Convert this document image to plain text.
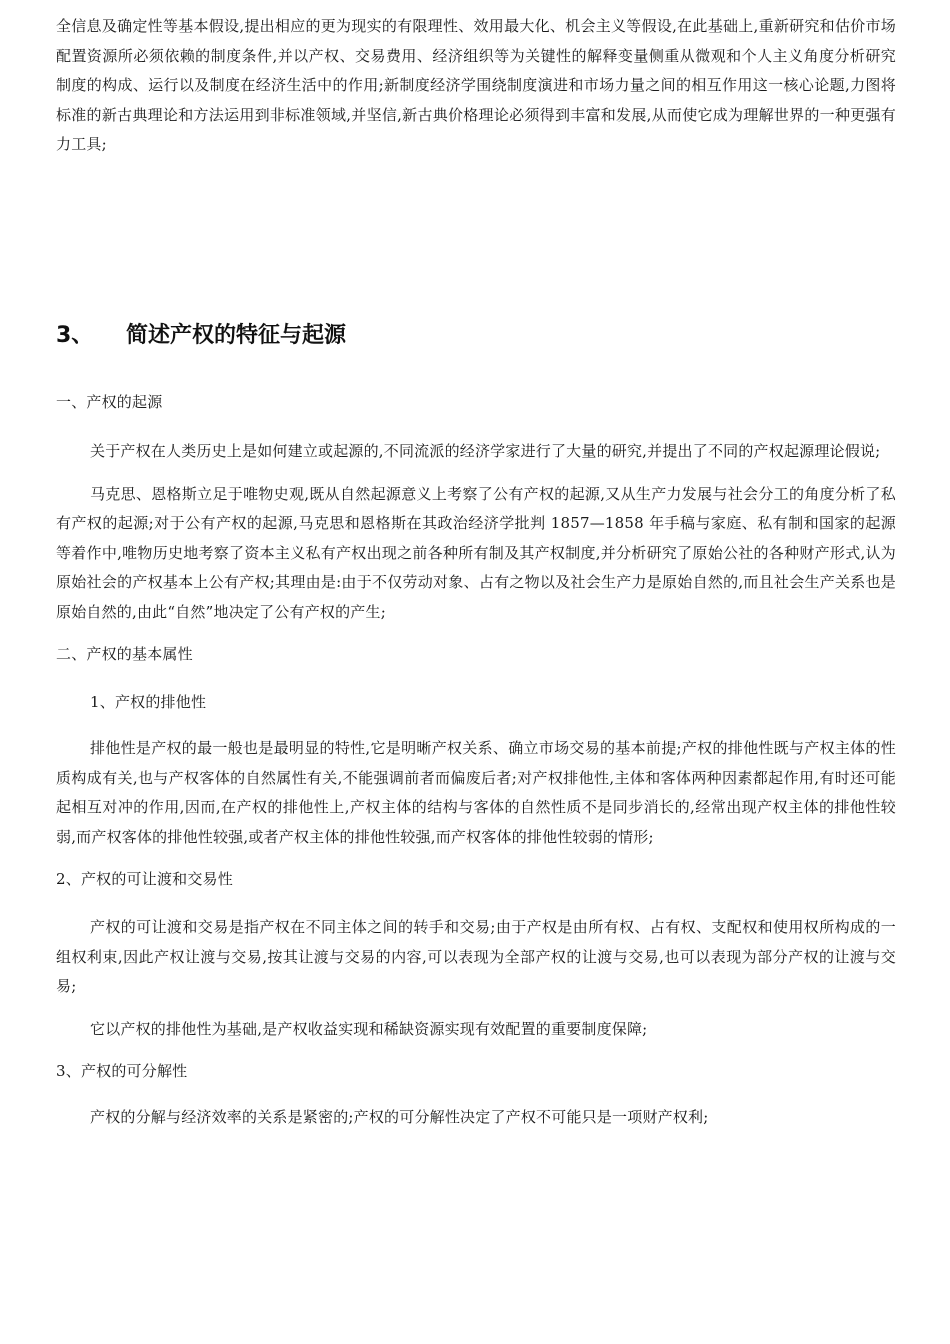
全信息及确定性等基本假设,提出相应的更为现实的有限理性、效用最大化、机会主义等假设,在此基础上,重新研究和估价市场配置资源所必须依赖的制度条件,并以产权、交易费用、经济组织等为关键性的解释变量侧重从微观和个人主义角度分析研究制度的构成、运行以及制度在经济生活中的作用;新制度经济学围绕制度演进和市场力量之间的相互作用这一核心论题,力图将标准的新古典理论和方法运用到非标准领域,并坚信,新古典价格理论必须得到丰富和发展,从而使它成为理解世界的一种更强有力工具;

3、 简述产权的特征与起源

一、产权的起源

关于产权在人类历史上是如何建立或起源的,不同流派的经济学家进行了大量的研究,并提出了不同的产权起源理论假说;

马克思、恩格斯立足于唯物史观,既从自然起源意义上考察了公有产权的起源,又从生产力发展与社会分工的角度分析了私有产权的起源;对于公有产权的起源,马克思和恩格斯在其政治经济学批判 1857—1858 年手稿与家庭、私有制和国家的起源等着作中,唯物历史地考察了资本主义私有产权出现之前各种所有制及其产权制度,并分析研究了原始公社的各种财产形式,认为原始社会的产权基本上公有产权;其理由是:由于不仅劳动对象、占有之物以及社会生产力是原始自然的,而且社会生产关系也是原始自然的,由此“自然”地决定了公有产权的产生;

二、产权的基本属性

1、产权的排他性

排他性是产权的最一般也是最明显的特性,它是明晰产权关系、确立市场交易的基本前提;产权的排他性既与产权主体的性质构成有关,也与产权客体的自然属性有关,不能强调前者而偏废后者;对产权排他性,主体和客体两种因素都起作用,有时还可能起相互对冲的作用,因而,在产权的排他性上,产权主体的结构与客体的自然性质不是同步消长的,经常出现产权主体的排他性较弱,而产权客体的排他性较强,或者产权主体的排他性较强,而产权客体的排他性较弱的情形;

2、产权的可让渡和交易性

产权的可让渡和交易是指产权在不同主体之间的转手和交易;由于产权是由所有权、占有权、支配权和使用权所构成的一组权利束,因此产权让渡与交易,按其让渡与交易的内容,可以表现为全部产权的让渡与交易,也可以表现为部分产权的让渡与交易;

它以产权的排他性为基础,是产权收益实现和稀缺资源实现有效配置的重要制度保障;

3、产权的可分解性

产权的分解与经济效率的关系是紧密的;产权的可分解性决定了产权不可能只是一项财产权利;
